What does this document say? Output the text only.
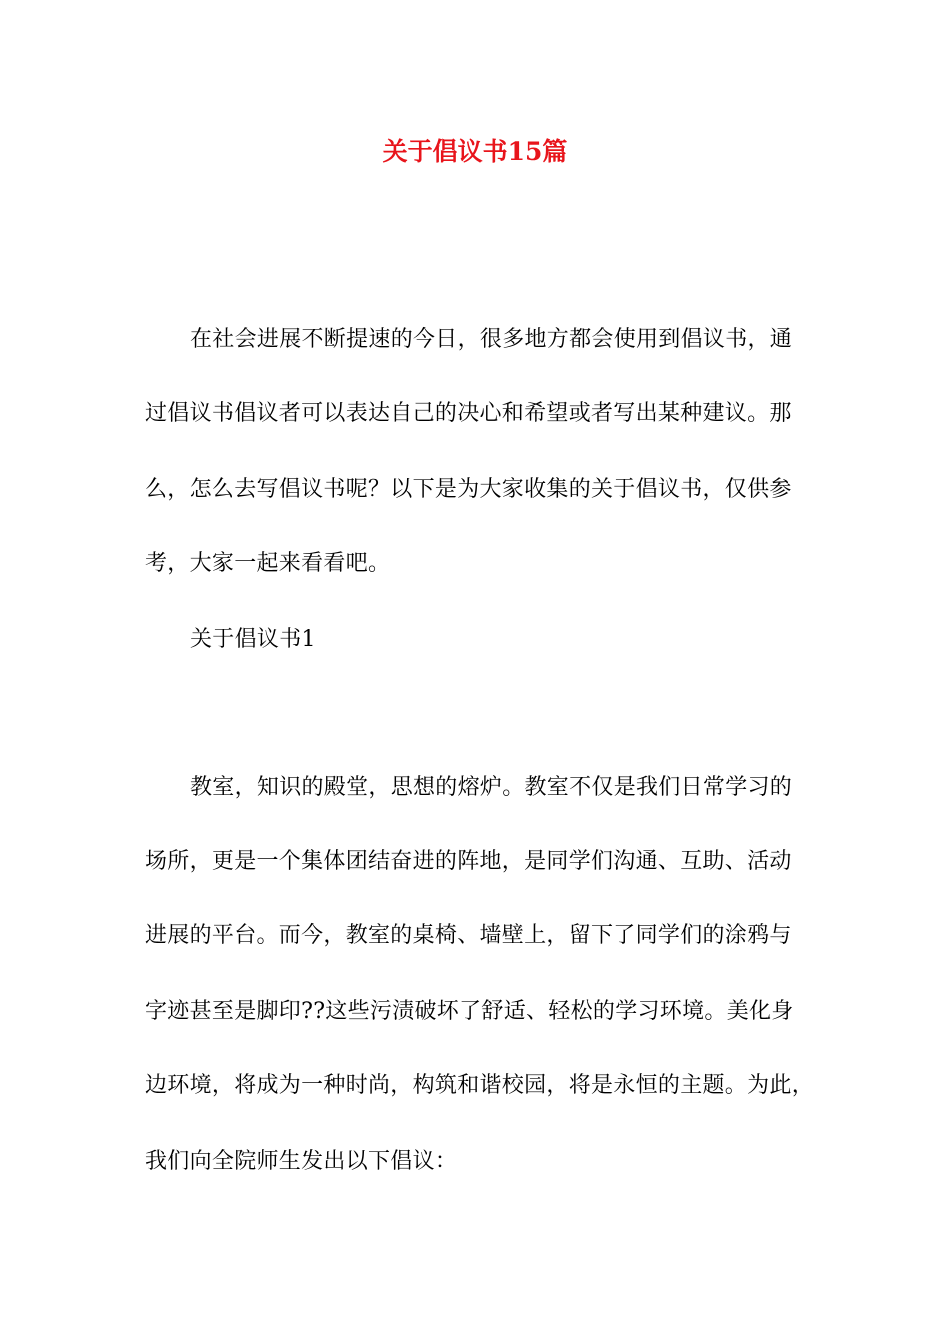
关于倡议书15篇
在社会进展不断提速的今日，很多地方都会使用到倡议书，通
过倡议书倡议者可以表达自己的决心和希望或者写出某种建议。那
么，怎么去写倡议书呢？以下是为大家收集的关于倡议书，仅供参
考，大家一起来看看吧。
关于倡议书1
教室，知识的殿堂，思想的熔炉。教室不仅是我们日常学习的
场所，更是一个集体团结奋进的阵地，是同学们沟通、互助、活动
进展的平台。而今，教室的桌椅、墙壁上，留下了同学们的涂鸦与
字迹甚至是脚印??这些污渍破坏了舒适、轻松的学习环境。美化身
边环境，将成为一种时尚，构筑和谐校园，将是永恒的主题。为此，
我们向全院师生发出以下倡议：
